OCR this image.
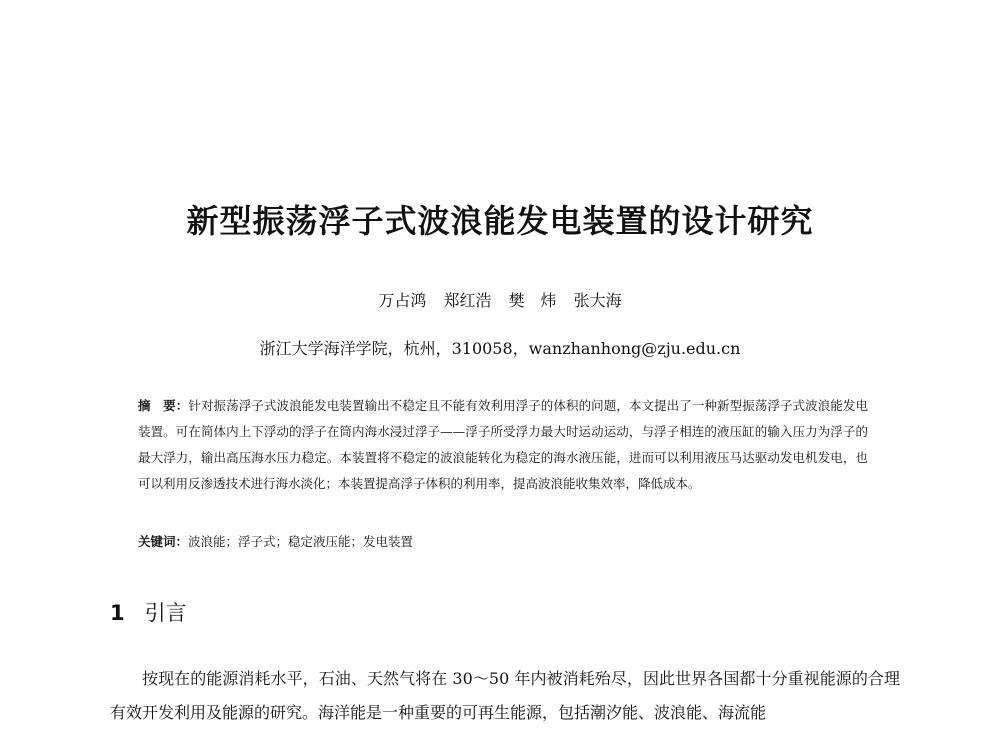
新型振荡浮子式波浪能发电装置的设计研究
万占鸿 郑红浩 樊　炜 张大海
浙江大学海洋学院，杭州，310058，wanzhanhong@zju.edu.cn
摘　要：针对振荡浮子式波浪能发电装置输出不稳定且不能有效利用浮子的体积的问题，本文提出了一种新型振荡浮子式波浪能发电装置。可在简体内上下浮动的浮子在筒内海水浸过浮子——浮子所受浮力最大时运动运动，与浮子相连的液压缸的输入压力为浮子的最大浮力，输出高压海水压力稳定。本装置将不稳定的波浪能转化为稳定的海水液压能，进而可以利用液压马达驱动发电机发电，也可以利用反渗透技术进行海水淡化；本装置提高浮子体积的利用率，提高波浪能收集效率，降低成本。
关键词：波浪能；浮子式；稳定液压能；发电装置
1 引言

按现在的能源消耗水平，石油、天然气将在 30～50 年内被消耗殆尽，因此世界各国都十分重视能源的合理有效开发利用及能源的研究。海洋能是一种重要的可再生能源，包括潮汐能、波浪能、海流能
